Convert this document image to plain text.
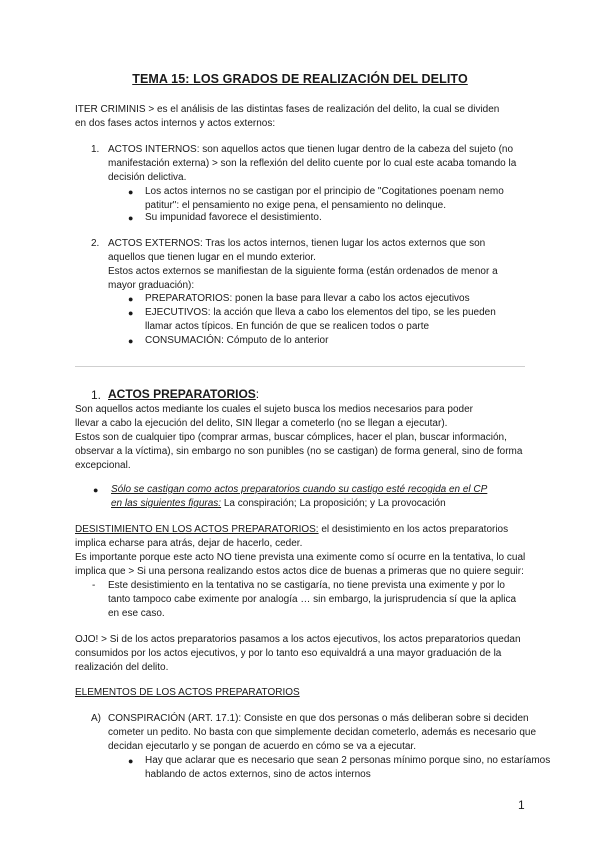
TEMA 15: LOS GRADOS DE REALIZACIÓN DEL DELITO
ITER CRIMINIS > es el análisis de las distintas fases de realización del delito, la cual se dividen
en dos fases actos internos y actos externos:
1. ACTOS INTERNOS: son aquellos actos que tienen lugar dentro de la cabeza del sujeto (no
manifestación externa) > son la reflexión del delito cuente por lo cual este acaba tomando la
decisión delictiva.
● Los actos internos no se castigan por el principio de "Cogitationes poenam nemo
patitur": el pensamiento no exige pena, el pensamiento no delinque.
● Su impunidad favorece el desistimiento.
2. ACTOS EXTERNOS: Tras los actos internos, tienen lugar los actos externos que son
aquellos que tienen lugar en el mundo exterior.
Estos actos externos se manifiestan de la siguiente forma (están ordenados de menor a
mayor graduación):
● PREPARATORIOS: ponen la base para llevar a cabo los actos ejecutivos
● EJECUTIVOS: la acción que lleva a cabo los elementos del tipo, se les pueden
llamar actos típicos. En función de que se realicen todos o parte
● CONSUMACIÓN: Cómputo de lo anterior
1. ACTOS PREPARATORIOS:
Son aquellos actos mediante los cuales el sujeto busca los medios necesarios para poder
llevar a cabo la ejecución del delito, SIN llegar a cometerlo (no se llegan a ejecutar).
Estos son de cualquier tipo (comprar armas, buscar cómplices, hacer el plan, buscar información,
observar a la víctima), sin embargo no son punibles (no se castigan) de forma general, sino de forma
excepcional.
● Sólo se castigan como actos preparatorios cuando su castigo esté recogida en el CP
en las siguientes figuras: La conspiración; La proposición; y La provocación
DESISTIMIENTO EN LOS ACTOS PREPARATORIOS: el desistimiento en los actos preparatorios
implica echarse para atrás, dejar de hacerlo, ceder.
Es importante porque este acto NO tiene prevista una eximente como sí ocurre en la tentativa, lo cual
implica que > Si una persona realizando estos actos dice de buenas a primeras que no quiere seguir:
- Este desistimiento en la tentativa no se castigaría, no tiene prevista una eximente y por lo
tanto tampoco cabe eximente por analogía … sin embargo, la jurisprudencia sí que la aplica
en ese caso.
OJO! > Si de los actos preparatorios pasamos a los actos ejecutivos, los actos preparatorios quedan
consumidos por los actos ejecutivos, y por lo tanto eso equivaldrá a una mayor graduación de la
realización del delito.
ELEMENTOS DE LOS ACTOS PREPARATORIOS
A) CONSPIRACIÓN (ART. 17.1): Consiste en que dos personas o más deliberan sobre si deciden
cometer un pedito. No basta con que simplemente decidan cometerlo, además es necesario que
decidan ejecutarlo y se pongan de acuerdo en cómo se va a ejecutar.
● Hay que aclarar que es necesario que sean 2 personas mínimo porque sino, no estaríamos
hablando de actos externos, sino de actos internos
1
